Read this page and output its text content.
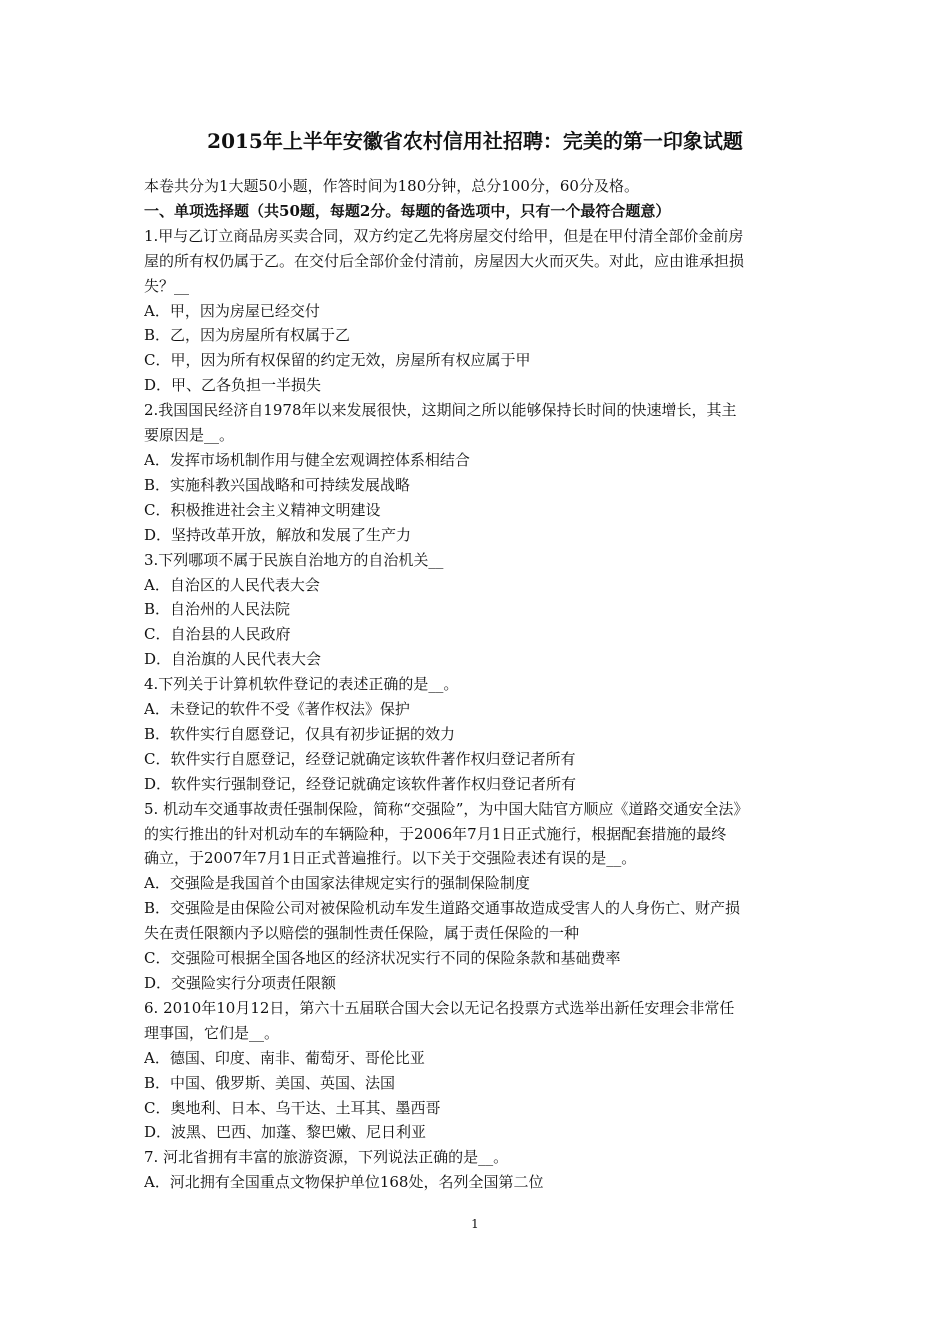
2015年上半年安徽省农村信用社招聘：完美的第一印象试题
本卷共分为1大题50小题，作答时间为180分钟，总分100分，60分及格。
一、单项选择题（共50题，每题2分。每题的备选项中，只有一个最符合题意）
1.甲与乙订立商品房买卖合同，双方约定乙先将房屋交付给甲，但是在甲付清全部价金前房
屋的所有权仍属于乙。在交付后全部价金付清前，房屋因大火而灭失。对此，应由谁承担损
失？__
A．甲，因为房屋已经交付
B．乙，因为房屋所有权属于乙
C．甲，因为所有权保留的约定无效，房屋所有权应属于甲
D．甲、乙各负担一半损失
2.我国国民经济自1978年以来发展很快，这期间之所以能够保持长时间的快速增长，其主
要原因是__。
A．发挥市场机制作用与健全宏观调控体系相结合
B．实施科教兴国战略和可持续发展战略
C．积极推进社会主义精神文明建设
D．坚持改革开放，解放和发展了生产力
3.下列哪项不属于民族自治地方的自治机关__
A．自治区的人民代表大会
B．自治州的人民法院
C．自治县的人民政府
D．自治旗的人民代表大会
4.下列关于计算机软件登记的表述正确的是__。
A．未登记的软件不受《著作权法》保护
B．软件实行自愿登记，仅具有初步证据的效力
C．软件实行自愿登记，经登记就确定该软件著作权归登记者所有
D．软件实行强制登记，经登记就确定该软件著作权归登记者所有
5. 机动车交通事故责任强制保险，简称“交强险”，为中国大陆官方顺应《道路交通安全法》
的实行推出的针对机动车的车辆险种，于2006年7月1日正式施行，根据配套措施的最终
确立，于2007年7月1日正式普遍推行。以下关于交强险表述有误的是__。
A．交强险是我国首个由国家法律规定实行的强制保险制度
B．交强险是由保险公司对被保险机动车发生道路交通事故造成受害人的人身伤亡、财产损
失在责任限额内予以赔偿的强制性责任保险，属于责任保险的一种
C．交强险可根据全国各地区的经济状况实行不同的保险条款和基础费率
D．交强险实行分项责任限额
6. 2010年10月12日，第六十五届联合国大会以无记名投票方式选举出新任安理会非常任
理事国，它们是__。
A．德国、印度、南非、葡萄牙、哥伦比亚
B．中国、俄罗斯、美国、英国、法国
C．奥地利、日本、乌干达、土耳其、墨西哥
D．波黑、巴西、加蓬、黎巴嫩、尼日利亚
7. 河北省拥有丰富的旅游资源，下列说法正确的是__。
A．河北拥有全国重点文物保护单位168处，名列全国第二位
1
